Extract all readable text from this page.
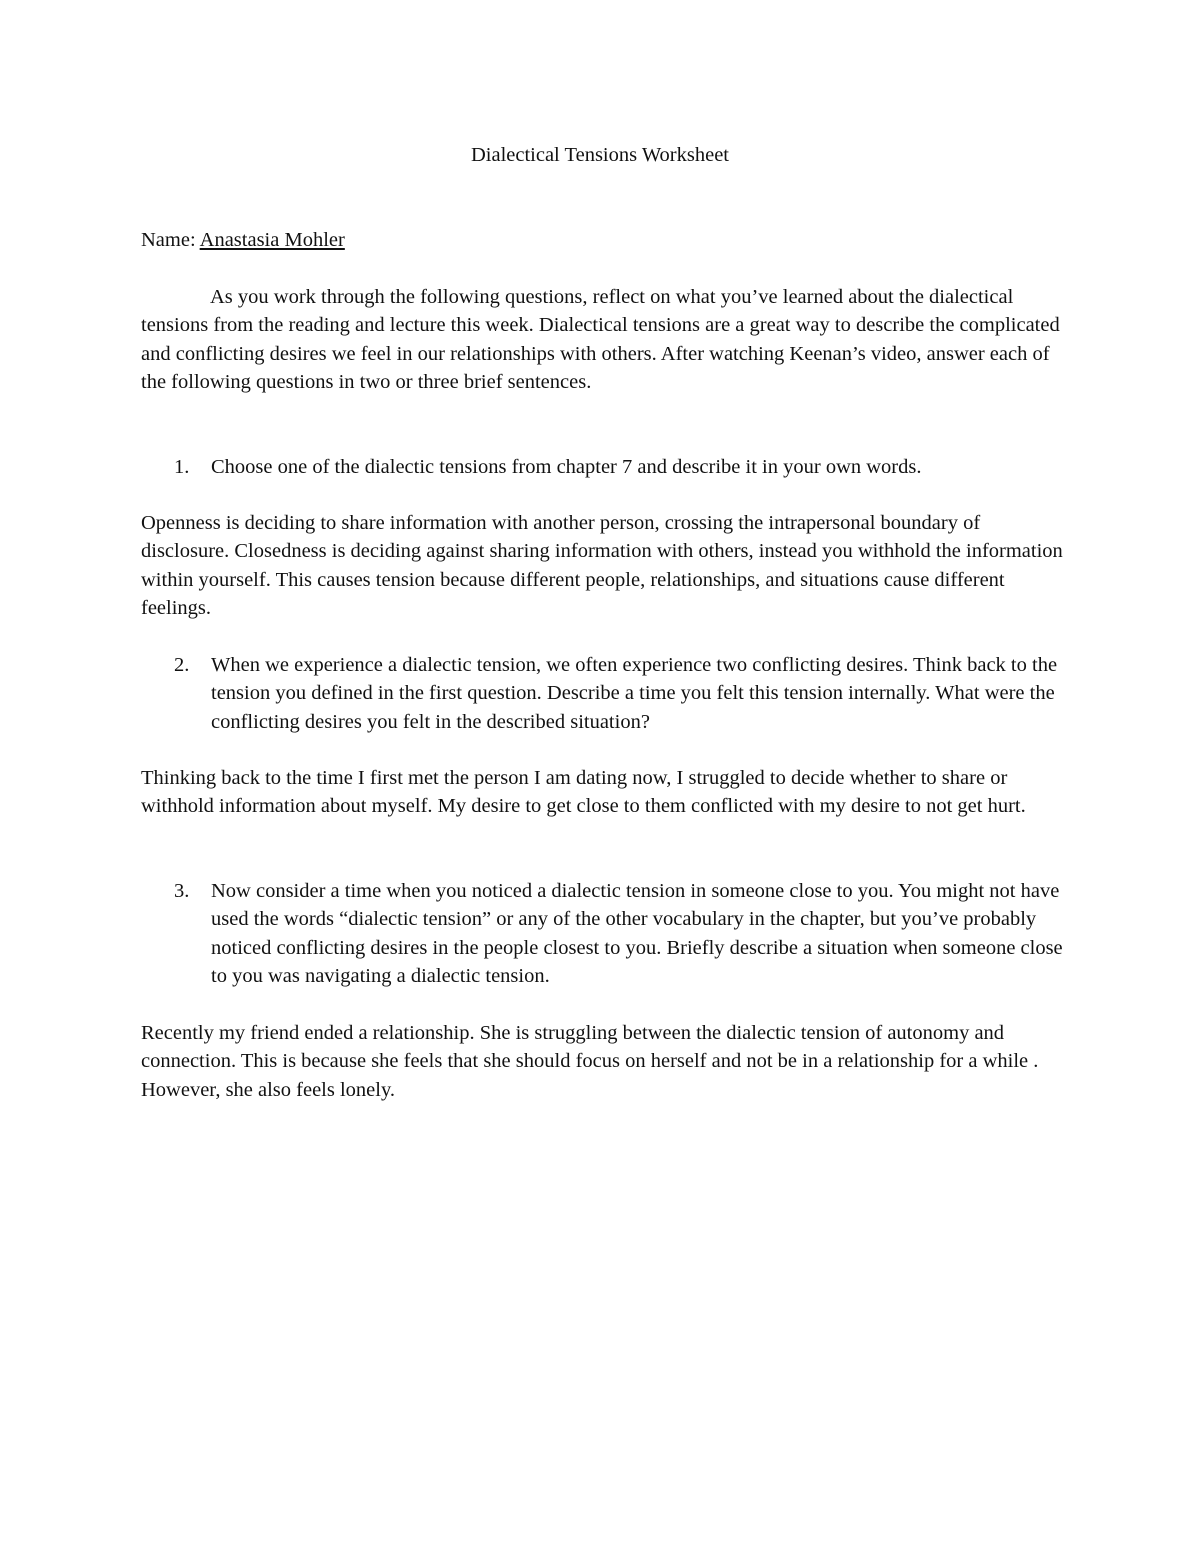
Dialectical Tensions Worksheet

Name: Anastasia Mohler

As you work through the following questions, reflect on what you’ve learned about the dialectical tensions from the reading and lecture this week. Dialectical tensions are a great way to describe the complicated and conflicting desires we feel in our relationships with others. After watching Keenan’s video, answer each of the following questions in two or three brief sentences.

1. Choose one of the dialectic tensions from chapter 7 and describe it in your own words.

Openness is deciding to share information with another person, crossing the intrapersonal boundary of disclosure. Closedness is deciding against sharing information with others, instead you withhold the information within yourself. This causes tension because different people, relationships, and situations cause different feelings.

2. When we experience a dialectic tension, we often experience two conflicting desires. Think back to the tension you defined in the first question. Describe a time you felt this tension internally. What were the conflicting desires you felt in the described situation?

Thinking back to the time I first met the person I am dating now, I struggled to decide whether to share or withhold information about myself. My desire to get close to them conflicted with my desire to not get hurt.

3. Now consider a time when you noticed a dialectic tension in someone close to you. You might not have used the words “dialectic tension” or any of the other vocabulary in the chapter, but you’ve probably noticed conflicting desires in the people closest to you. Briefly describe a situation when someone close to you was navigating a dialectic tension.

Recently my friend ended a relationship. She is struggling between the dialectic tension of autonomy and connection. This is because she feels that she should focus on herself and not be in a relationship for a while . However, she also feels lonely.
